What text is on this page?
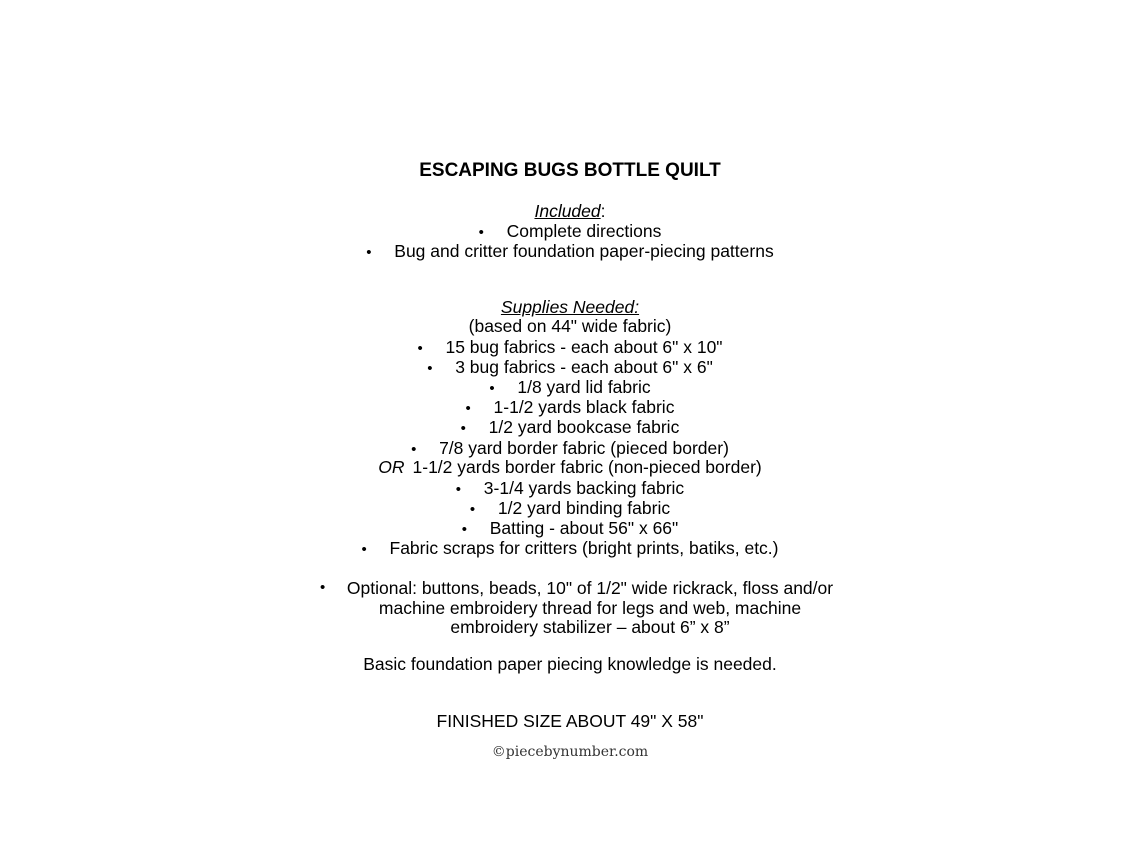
ESCAPING BUGS BOTTLE QUILT
Included:
• Complete directions
• Bug and critter foundation paper-piecing patterns
Supplies Needed:
(based on 44" wide fabric)
• 15 bug fabrics - each about 6" x 10"
• 3 bug fabrics - each about 6" x 6"
• 1/8 yard lid fabric
• 1-1/2 yards black fabric
• 1/2 yard bookcase fabric
• 7/8 yard border fabric (pieced border)
OR 1-1/2 yards border fabric (non-pieced border)
• 3-1/4 yards backing fabric
• 1/2 yard binding fabric
• Batting - about 56" x 66"
• Fabric scraps for critters (bright prints, batiks, etc.)
•	Optional: buttons, beads, 10" of 1/2" wide rickrack, floss and/or
machine embroidery thread for legs and web, machine
embroidery stabilizer – about 6” x 8”
Basic foundation paper piecing knowledge is needed.
FINISHED SIZE ABOUT 49" X 58"
©piecebynumber.com
